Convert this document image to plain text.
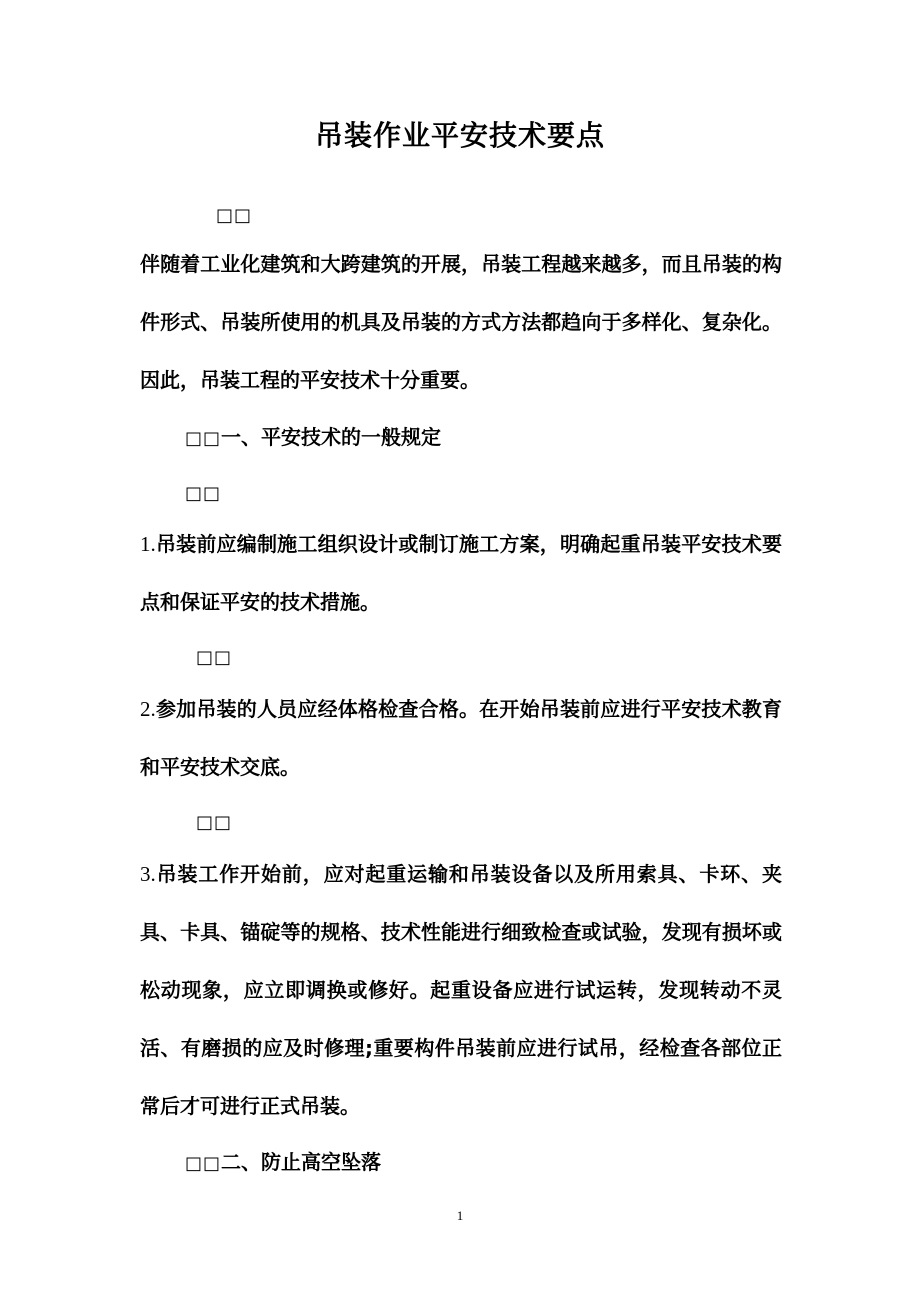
吊装作业平安技术要点
□□
伴随着工业化建筑和大跨建筑的开展，吊装工程越来越多，而且吊装的构件形式、吊装所使用的机具及吊装的方式方法都趋向于多样化、复杂化。因此，吊装工程的平安技术十分重要。
□□一、平安技术的一般规定
□□
1.吊装前应编制施工组织设计或制订施工方案，明确起重吊装平安技术要点和保证平安的技术措施。
□□
2.参加吊装的人员应经体格检查合格。在开始吊装前应进行平安技术教育和平安技术交底。
□□
3.吊装工作开始前，应对起重运输和吊装设备以及所用索具、卡环、夹具、卡具、锚碇等的规格、技术性能进行细致检查或试验，发现有损坏或松动现象，应立即调换或修好。起重设备应进行试运转，发现转动不灵活、有磨损的应及时修理;重要构件吊装前应进行试吊，经检查各部位正常后才可进行正式吊装。
□□二、防止高空坠落
1
